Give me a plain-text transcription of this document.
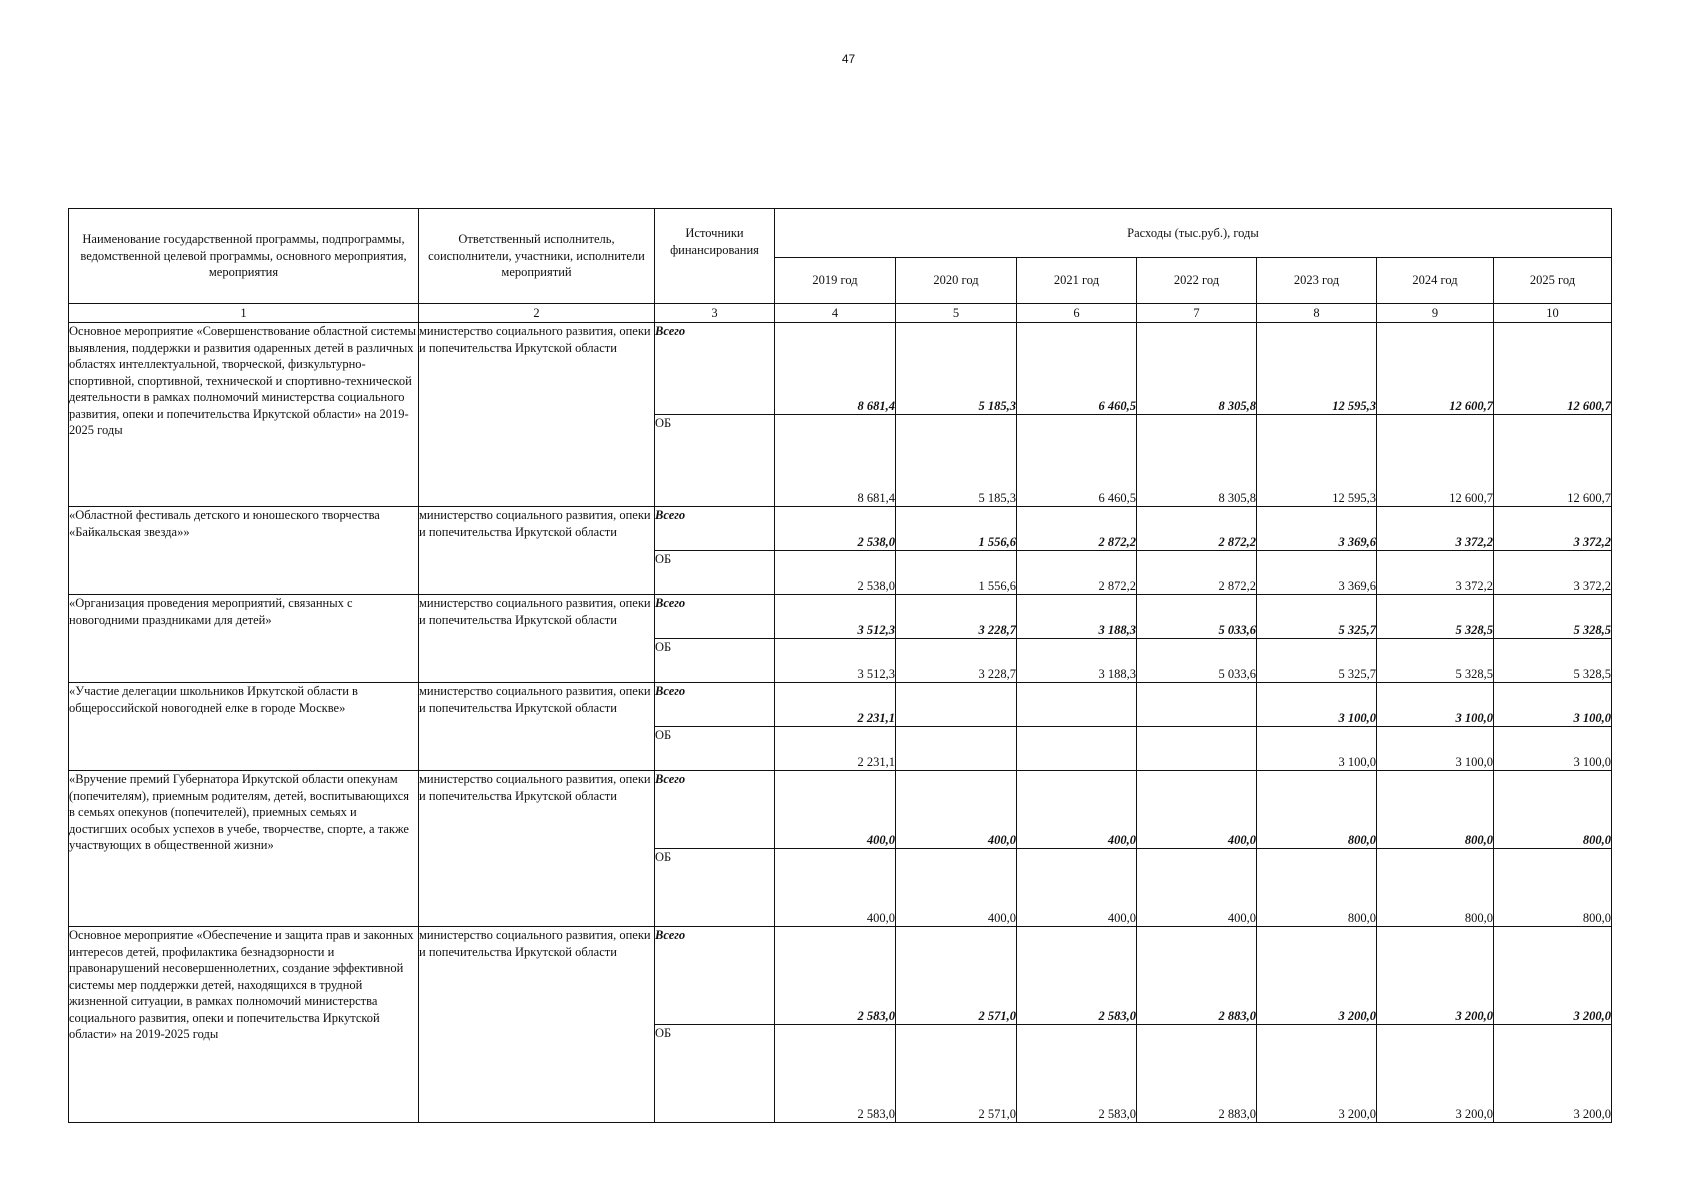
47
Наименование государственной программы, подпрограммы, ведомственной целевой программы, основного мероприятия, мероприятия	Ответственный исполнитель, соисполнители, участники, исполнители мероприятий	Источники финансирования	Расходы (тыс.руб.), годы						
			2019 год	2020 год	2021 год	2022 год	2023 год	2024 год	2025 год
1	2	3	4	5	6	7	8	9	10
Основное мероприятие «Совершенствование областной системы выявления, поддержки и развития одаренных детей в различных областях интеллектуальной, творческой, физкультурно-спортивной, спортивной, технической и спортивно-технической деятельности в рамках полномочий министерства социального развития, опеки и попечительства Иркутской области» на 2019-2025 годы	министерство социального развития, опеки и попечительства Иркутской области	Всего	8 681,4	5 185,3	6 460,5	8 305,8	12 595,3	12 600,7	12 600,7
		ОБ	8 681,4	5 185,3	6 460,5	8 305,8	12 595,3	12 600,7	12 600,7
«Областной фестиваль детского и юношеского творчества «Байкальская звезда»»	министерство социального развития, опеки и попечительства Иркутской области	Всего	2 538,0	1 556,6	2 872,2	2 872,2	3 369,6	3 372,2	3 372,2
		ОБ	2 538,0	1 556,6	2 872,2	2 872,2	3 369,6	3 372,2	3 372,2
«Организация проведения мероприятий, связанных с новогодними праздниками для детей»	министерство социального развития, опеки и попечительства Иркутской области	Всего	3 512,3	3 228,7	3 188,3	5 033,6	5 325,7	5 328,5	5 328,5
		ОБ	3 512,3	3 228,7	3 188,3	5 033,6	5 325,7	5 328,5	5 328,5
«Участие делегации школьников Иркутской области в общероссийской новогодней елке в городе Москве»	министерство социального развития, опеки и попечительства Иркутской области	Всего	2 231,1				3 100,0	3 100,0	3 100,0
		ОБ	2 231,1				3 100,0	3 100,0	3 100,0
«Вручение премий Губернатора Иркутской области опекунам (попечителям), приемным родителям, детей, воспитывающихся в семьях опекунов (попечителей), приемных семьях и достигших особых успехов в учебе, творчестве, спорте, а также участвующих в общественной жизни»	министерство социального развития, опеки и попечительства Иркутской области	Всего	400,0	400,0	400,0	400,0	800,0	800,0	800,0
		ОБ	400,0	400,0	400,0	400,0	800,0	800,0	800,0
Основное мероприятие «Обеспечение и защита прав и законных интересов детей, профилактика безнадзорности и правонарушений несовершеннолетних, создание эффективной системы мер поддержки детей, находящихся в трудной жизненной ситуации, в рамках полномочий министерства социального развития, опеки и попечительства Иркутской области» на 2019-2025 годы	министерство социального развития, опеки и попечительства Иркутской области	Всего	2 583,0	2 571,0	2 583,0	2 883,0	3 200,0	3 200,0	3 200,0
		ОБ	2 583,0	2 571,0	2 583,0	2 883,0	3 200,0	3 200,0	3 200,0
